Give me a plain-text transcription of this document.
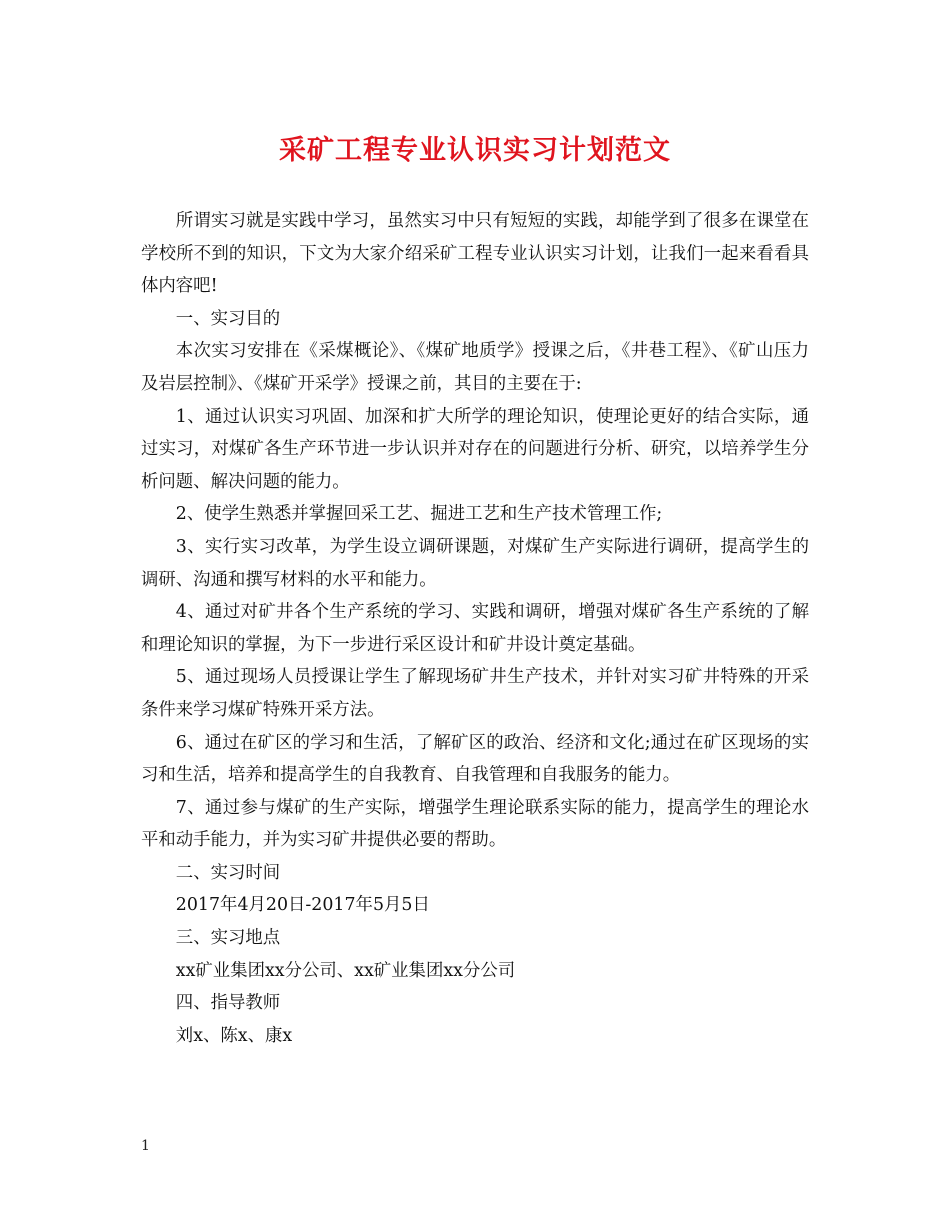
采矿工程专业认识实习计划范文

所谓实习就是实践中学习，虽然实习中只有短短的实践，却能学到了很多在课堂在学校所不到的知识，下文为大家介绍采矿工程专业认识实习计划，让我们一起来看看具体内容吧!

一、实习目的

本次实习安排在《采煤概论》、《煤矿地质学》授课之后，《井巷工程》、《矿山压力及岩层控制》、《煤矿开采学》授课之前，其目的主要在于:

1、通过认识实习巩固、加深和扩大所学的理论知识，使理论更好的结合实际，通过实习，对煤矿各生产环节进一步认识并对存在的问题进行分析、研究，以培养学生分析问题、解决问题的能力。

2、使学生熟悉并掌握回采工艺、掘进工艺和生产技术管理工作;

3、实行实习改革，为学生设立调研课题，对煤矿生产实际进行调研，提高学生的调研、沟通和撰写材料的水平和能力。

4、通过对矿井各个生产系统的学习、实践和调研，增强对煤矿各生产系统的了解和理论知识的掌握，为下一步进行采区设计和矿井设计奠定基础。

5、通过现场人员授课让学生了解现场矿井生产技术，并针对实习矿井特殊的开采条件来学习煤矿特殊开采方法。

6、通过在矿区的学习和生活，了解矿区的政治、经济和文化;通过在矿区现场的实习和生活，培养和提高学生的自我教育、自我管理和自我服务的能力。

7、通过参与煤矿的生产实际，增强学生理论联系实际的能力，提高学生的理论水平和动手能力，并为实习矿井提供必要的帮助。

二、实习时间

2017年4月20日-2017年5月5日

三、实习地点

xx矿业集团xx分公司、xx矿业集团xx分公司

四、指导教师

刘x、陈x、康x

1
